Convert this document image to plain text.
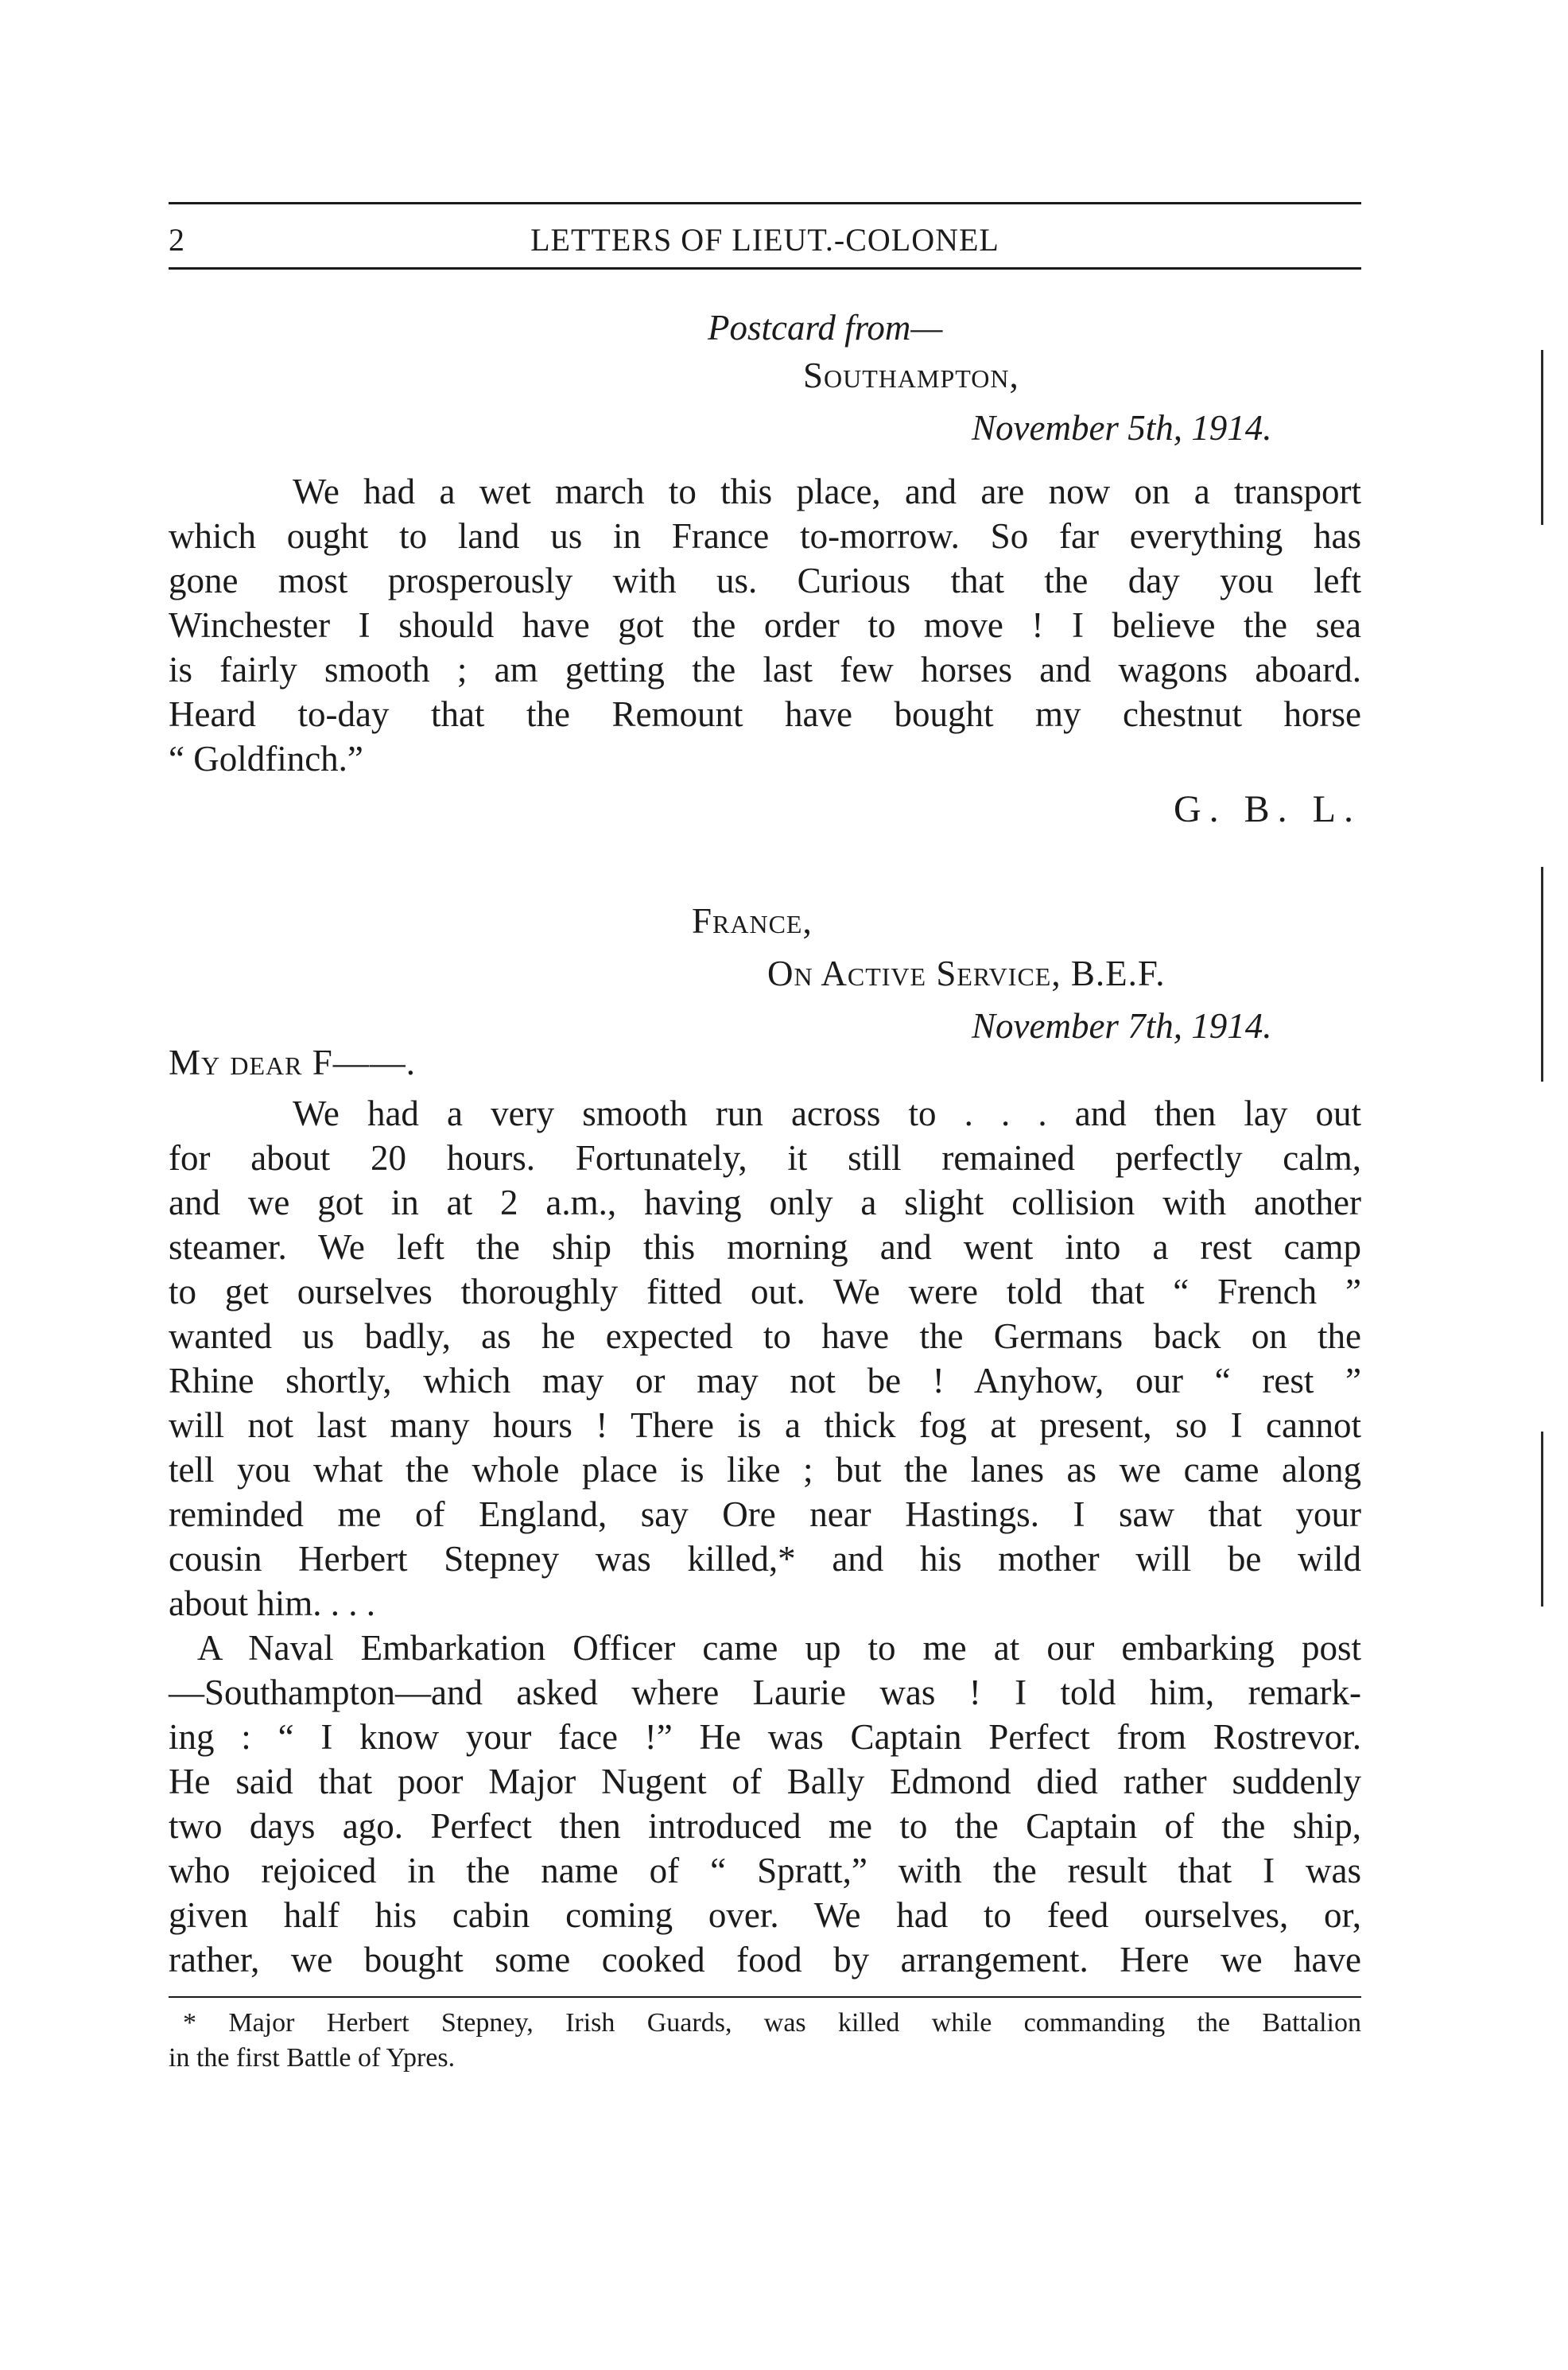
2	LETTERS OF LIEUT.-COLONEL
Postcard from—
Southampton,
November 5th, 1914.
We had a wet march to this place, and are now on a transport
which ought to land us in France to-morrow. So far everything has
gone most prosperously with us. Curious that the day you left
Winchester I should have got the order to move ! I believe the sea
is fairly smooth ; am getting the last few horses and wagons aboard.
Heard to-day that the Remount have bought my chestnut horse
“ Goldfinch.”
G. B. L.
France,
On Active Service, B.E.F.
November 7th, 1914.
My dear F——.
We had a very smooth run across to . . . and then lay out
for about 20 hours. Fortunately, it still remained perfectly calm,
and we got in at 2 a.m., having only a slight collision with another
steamer. We left the ship this morning and went into a rest camp
to get ourselves thoroughly fitted out. We were told that “ French ”
wanted us badly, as he expected to have the Germans back on the
Rhine shortly, which may or may not be ! Anyhow, our “ rest ”
will not last many hours ! There is a thick fog at present, so I cannot
tell you what the whole place is like ; but the lanes as we came along
reminded me of England, say Ore near Hastings. I saw that your
cousin Herbert Stepney was killed,* and his mother will be wild
about him. . . .
A Naval Embarkation Officer came up to me at our embarking post
—Southampton—and asked where Laurie was ! I told him, remark-
ing : “ I know your face !” He was Captain Perfect from Rostrevor.
He said that poor Major Nugent of Bally Edmond died rather suddenly
two days ago. Perfect then introduced me to the Captain of the ship,
who rejoiced in the name of “ Spratt,” with the result that I was
given half his cabin coming over. We had to feed ourselves, or,
rather, we bought some cooked food by arrangement. Here we have
* Major Herbert Stepney, Irish Guards, was killed while commanding the Battalion
in the first Battle of Ypres.
